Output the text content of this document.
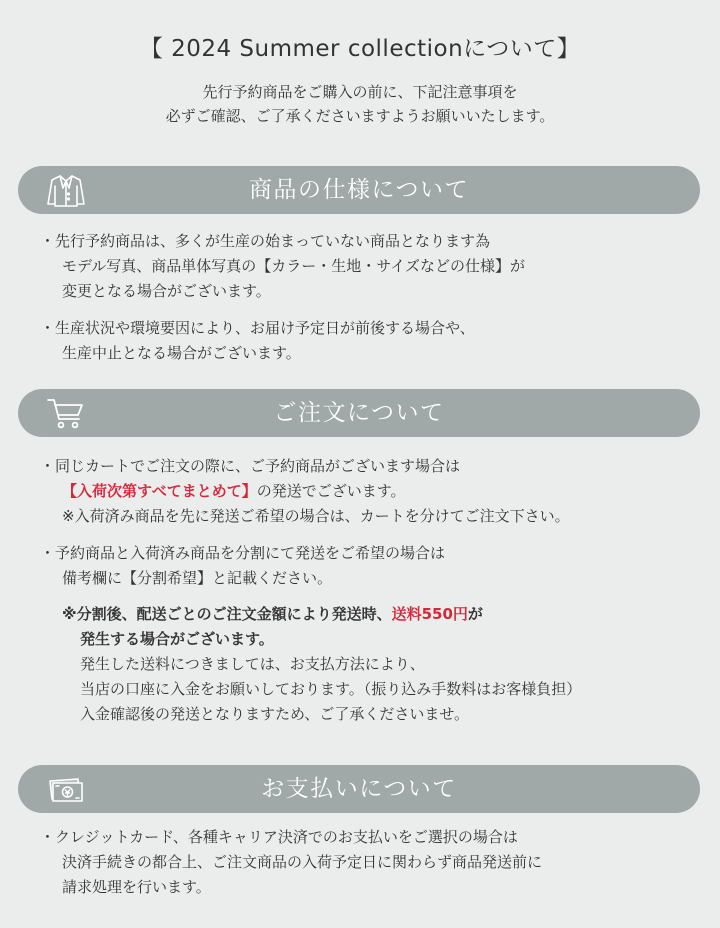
【 2024 Summer collectionについて】
先行予約商品をご購入の前に、下記注意事項を
必ずご確認、ご了承くださいますようお願いいたします。
商品の仕様について
・先行予約商品は、多くが生産の始まっていない商品となります為
モデル写真、商品単体写真の【カラー・生地・サイズなどの仕様】が
変更となる場合がございます。
・生産状況や環境要因により、お届け予定日が前後する場合や、
生産中止となる場合がございます。
ご注文について
・同じカートでご注文の際に、ご予約商品がございます場合は
【入荷次第すべてまとめて】の発送でございます。
※入荷済み商品を先に発送ご希望の場合は、カートを分けてご注文下さい。
・予約商品と入荷済み商品を分割にて発送をご希望の場合は
備考欄に【分割希望】と記載ください。
※分割後、配送ごとのご注文金額により発送時、送料550円が
発生する場合がございます。
発生した送料につきましては、お支払方法により、
当店の口座に入金をお願いしております。（振り込み手数料はお客様負担）
入金確認後の発送となりますため、ご了承くださいませ。
お支払いについて
・クレジットカード、各種キャリア決済でのお支払いをご選択の場合は
決済手続きの都合上、ご注文商品の入荷予定日に関わらず商品発送前に
請求処理を行います。
